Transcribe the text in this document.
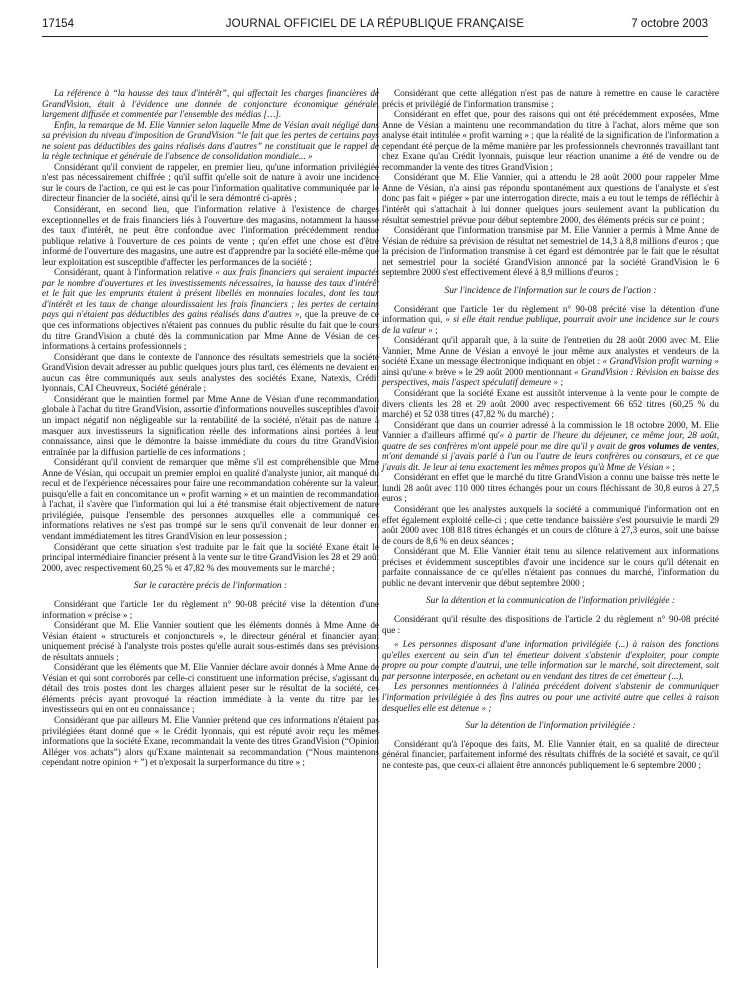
17154	JOURNAL OFFICIEL DE LA RÉPUBLIQUE FRANÇAISE	7 octobre 2003

La référence à “la hausse des taux d'intérêt”, qui affectait les charges financières de GrandVision, était à l'évidence une donnée de conjoncture économique générale, largement diffusée et commentée par l'ensemble des médias […].

Enfin, la remarque de M. Elie Vannier selon laquelle Mme de Vésian avait négligé dans sa prévision du niveau d'imposition de GrandVision “le fait que les pertes de certains pays ne soient pas déductibles des gains réalisés dans d'autres” ne constituait que le rappel de la règle technique et générale de l'absence de consolidation mondiale... »

Considérant qu'il convient de rappeler, en premier lieu, qu'une information privilégiée n'est pas nécessairement chiffrée ; qu'il suffit qu'elle soit de nature à avoir une incidence sur le cours de l'action, ce qui est le cas pour l'information qualitative communiquée par le directeur financier de la société, ainsi qu'il le sera démontré ci-après ;

Considérant, en second lieu, que l'information relative à l'existence de charges exceptionnelles et de frais financiers liés à l'ouverture des magasins, notamment la hausse des taux d'intérêt, ne peut être confondue avec l'information précédemment rendue publique relative à l'ouverture de ces points de vente ; qu'en effet une chose est d'être informé de l'ouverture des magasins, une autre est d'apprendre par la société elle-même que leur exploitation est susceptible d'affecter les performances de la société ;

Considérant, quant à l'information relative « aux frais financiers qui seraient impactés par le nombre d'ouvertures et les investissements nécessaires, la hausse des taux d'intérêt et le fait que les emprunts étaient à présent libellés en monnaies locales, dont les taux d'intérêt et les taux de change alourdissaient les frais financiers ; les pertes de certains pays qui n'étaient pas déductibles des gains réalisés dans d'autres », que la preuve de ce que ces informations objectives n'étaient pas connues du public résulte du fait que le cours du titre GrandVision a chuté dès la communication par Mme Anne de Vésian de ces informations à certains professionnels ;

Considérant que dans le contexte de l'annonce des résultats semestriels que la société GrandVision devait adresser au public quelques jours plus tard, ces éléments ne devaient en aucun cas être communiqués aux seuls analystes des sociétés Exane, Natexis, Crédit lyonnais, CAI Cheuvreux, Société générale ;

Considérant que le maintien formel par Mme Anne de Vésian d'une recommandation globale à l'achat du titre GrandVision, assortie d'informations nouvelles susceptibles d'avoir un impact négatif non négligeable sur la rentabilité de la société, n'était pas de nature à masquer aux investisseurs la signification réelle des informations ainsi portées à leur connaissance, ainsi que le démontre la baisse immédiate du cours du titre GrandVision entraînée par la diffusion partielle de ces informations ;

Considérant qu'il convient de remarquer que même s'il est compréhensible que Mme Anne de Vésian, qui occupait un premier emploi en qualité d'analyste junior, ait manqué du recul et de l'expérience nécessaires pour faire une recommandation cohérente sur la valeur, puisqu'elle a fait en concomitance un « profit warning » et un maintien de recommandation à l'achat, il s'avère que l'information qui lui a été transmise était objectivement de nature privilégiée, puisque l'ensemble des personnes auxquelles elle a communiqué ces informations relatives ne s'est pas trompé sur le sens qu'il convenait de leur donner en vendant immédiatement les titres GrandVision en leur possession ;

Considérant que cette situation s'est traduite par le fait que la société Exane était le principal intermédiaire financier présent à la vente sur le titre GrandVision les 28 et 29 août 2000, avec respectivement 60,25 % et 47,82 % des mouvements sur le marché ;

Sur le caractère précis de l'information :

Considérant que l'article 1er du règlement n° 90-08 précité vise la détention d'une information « précise » ;

Considérant que M. Elie Vannier soutient que les éléments donnés à Mme Anne de Vésian étaient « structurels et conjoncturels », le directeur général et financier ayant uniquement précisé à l'analyste trois postes qu'elle aurait sous-estimés dans ses prévisions de résultats annuels ;

Considérant que les éléments que M. Elie Vannier déclare avoir donnés à Mme Anne de Vésian et qui sont corroborés par celle-ci constituent une information précise, s'agissant du détail des trois postes dont les charges allaient peser sur le résultat de la société, ces éléments précis ayant provoqué la réaction immédiate à la vente du titre par les investisseurs qui en ont eu connaissance ;

Considérant que par ailleurs M. Elie Vannier prétend que ces informations n'étaient pas privilégiées étant donné que « le Crédit lyonnais, qui est réputé avoir reçu les mêmes informations que la société Exane, recommandait la vente des titres GrandVision (“Opinion Alléger vos achats”) alors qu'Exane maintenait sa recommandation (“Nous maintenons cependant notre opinion + ”) et n'exposait la surperformance du titre » ;

Considérant que cette allégation n'est pas de nature à remettre en cause le caractère précis et privilégié de l'information transmise ;

Considérant en effet que, pour des raisons qui ont été précédemment exposées, Mme Anne de Vésian a maintenu une recommandation du titre à l'achat, alors même que son analyse était intitulée « profit warning » ; que la réalité de la signification de l'information a cependant été perçue de la même manière par les professionnels chevronnés travaillant tant chez Exane qu'au Crédit lyonnais, puisque leur réaction unanime a été de vendre ou de recommander la vente des titres GrandVision ;

Considérant que M. Elie Vannier, qui a attendu le 28 août 2000 pour rappeler Mme Anne de Vésian, n'a ainsi pas répondu spontanément aux questions de l'analyste et s'est donc pas fait « piéger » par une interrogation directe, mais a eu tout le temps de réfléchir à l'intérêt qui s'attachait à lui donner quelques jours seulement avant la publication du résultat semestriel prévue pour début septembre 2000, des éléments précis sur ce point ;

Considérant que l'information transmise par M. Elie Vannier a permis à Mme Anne de Vésian de réduire sa prévision de résultat net semestriel de 14,3 à 8,8 millions d'euros ; que la précision de l'information transmise à cet égard est démontrée par le fait que le résultat net semestriel pour la société GrandVision annoncé par la société GrandVision le 6 septembre 2000 s'est effectivement élevé à 8,9 millions d'euros ;

Sur l'incidence de l'information sur le cours de l'action :

Considérant que l'article 1er du règlement n° 90-08 précité vise la détention d'une information qui, « si elle était rendue publique, pourrait avoir une incidence sur le cours de la valeur » ;

Considérant qu'il apparaît que, à la suite de l'entretien du 28 août 2000 avec M. Elie Vannier, Mme Anne de Vésian a envoyé le jour même aux analystes et vendeurs de la société Exane un message électronique indiquant en objet : « GrandVision profit warning » ainsi qu'une « brève » le 29 août 2000 mentionnant « GrandVision : Révision en baisse des perspectives, mais l'aspect spéculatif demeure » ;

Considérant que la société Exane est aussitôt intervenue à la vente pour le compte de divers clients les 28 et 29 août 2000 avec respectivement 66 652 titres (60,25 % du marché) et 52 038 titres (47,82 % du marché) ;

Considérant que dans un courrier adressé à la commission le 18 octobre 2000, M. Elie Vannier a d'ailleurs affirmé qu'« à partir de l'heure du déjeuner, ce même jour, 28 août, quatre de ses confrères m'ont appelé pour me dire qu'il y avait de gros volumes de ventes, m'ont demandé si j'avais parlé à l'un ou l'autre de leurs confrères ou consœurs, et ce que j'avais dit. Je leur ai tenu exactement les mêmes propos qu'à Mme de Vésian » ;

Considérant en effet que le marché du titre GrandVision a connu une baisse très nette le lundi 28 août avec 110 000 titres échangés pour un cours fléchissant de 30,8 euros à 27,5 euros ;

Considérant que les analystes auxquels la société a communiqué l'information ont en effet également exploité celle-ci ; que cette tendance baissière s'est poursuivie le mardi 29 août 2000 avec 108 818 titres échangés et un cours de clôture à 27,3 euros, soit une baisse de cours de 8,6 % en deux séances ;

Considérant que M. Elie Vannier était tenu au silence relativement aux informations précises et évidemment susceptibles d'avoir une incidence sur le cours qu'il détenait en parfaite connaissance de ce qu'elles n'étaient pas connues du marché, l'information du public ne devant intervenir que début septembre 2000 ;

Sur la détention et la communication de l'information privilégiée :

Considérant qu'il résulte des dispositions de l'article 2 du règlement n° 90-08 précité que :

« Les personnes disposant d'une information privilégiée (...) à raison des fonctions qu'elles exercent au sein d'un tel émetteur doivent s'abstenir d'exploiter, pour compte propre ou pour compte d'autrui, une telle information sur le marché, soit directement, soit par personne interposée, en achetant ou en vendant des titres de cet émetteur (...).

Les personnes mentionnées à l'alinéa précédent doivent s'abstenir de communiquer l'information privilégiée à des fins autres ou pour une activité autre que celles à raison desquelles elle est détenue » ;

Sur la détention de l'information privilégiée :

Considérant qu'à l'époque des faits, M. Elie Vannier était, en sa qualité de directeur général financier, parfaitement informé des résultats chiffrés de la société et savait, ce qu'il ne conteste pas, que ceux-ci allaient être annoncés publiquement le 6 septembre 2000 ;
